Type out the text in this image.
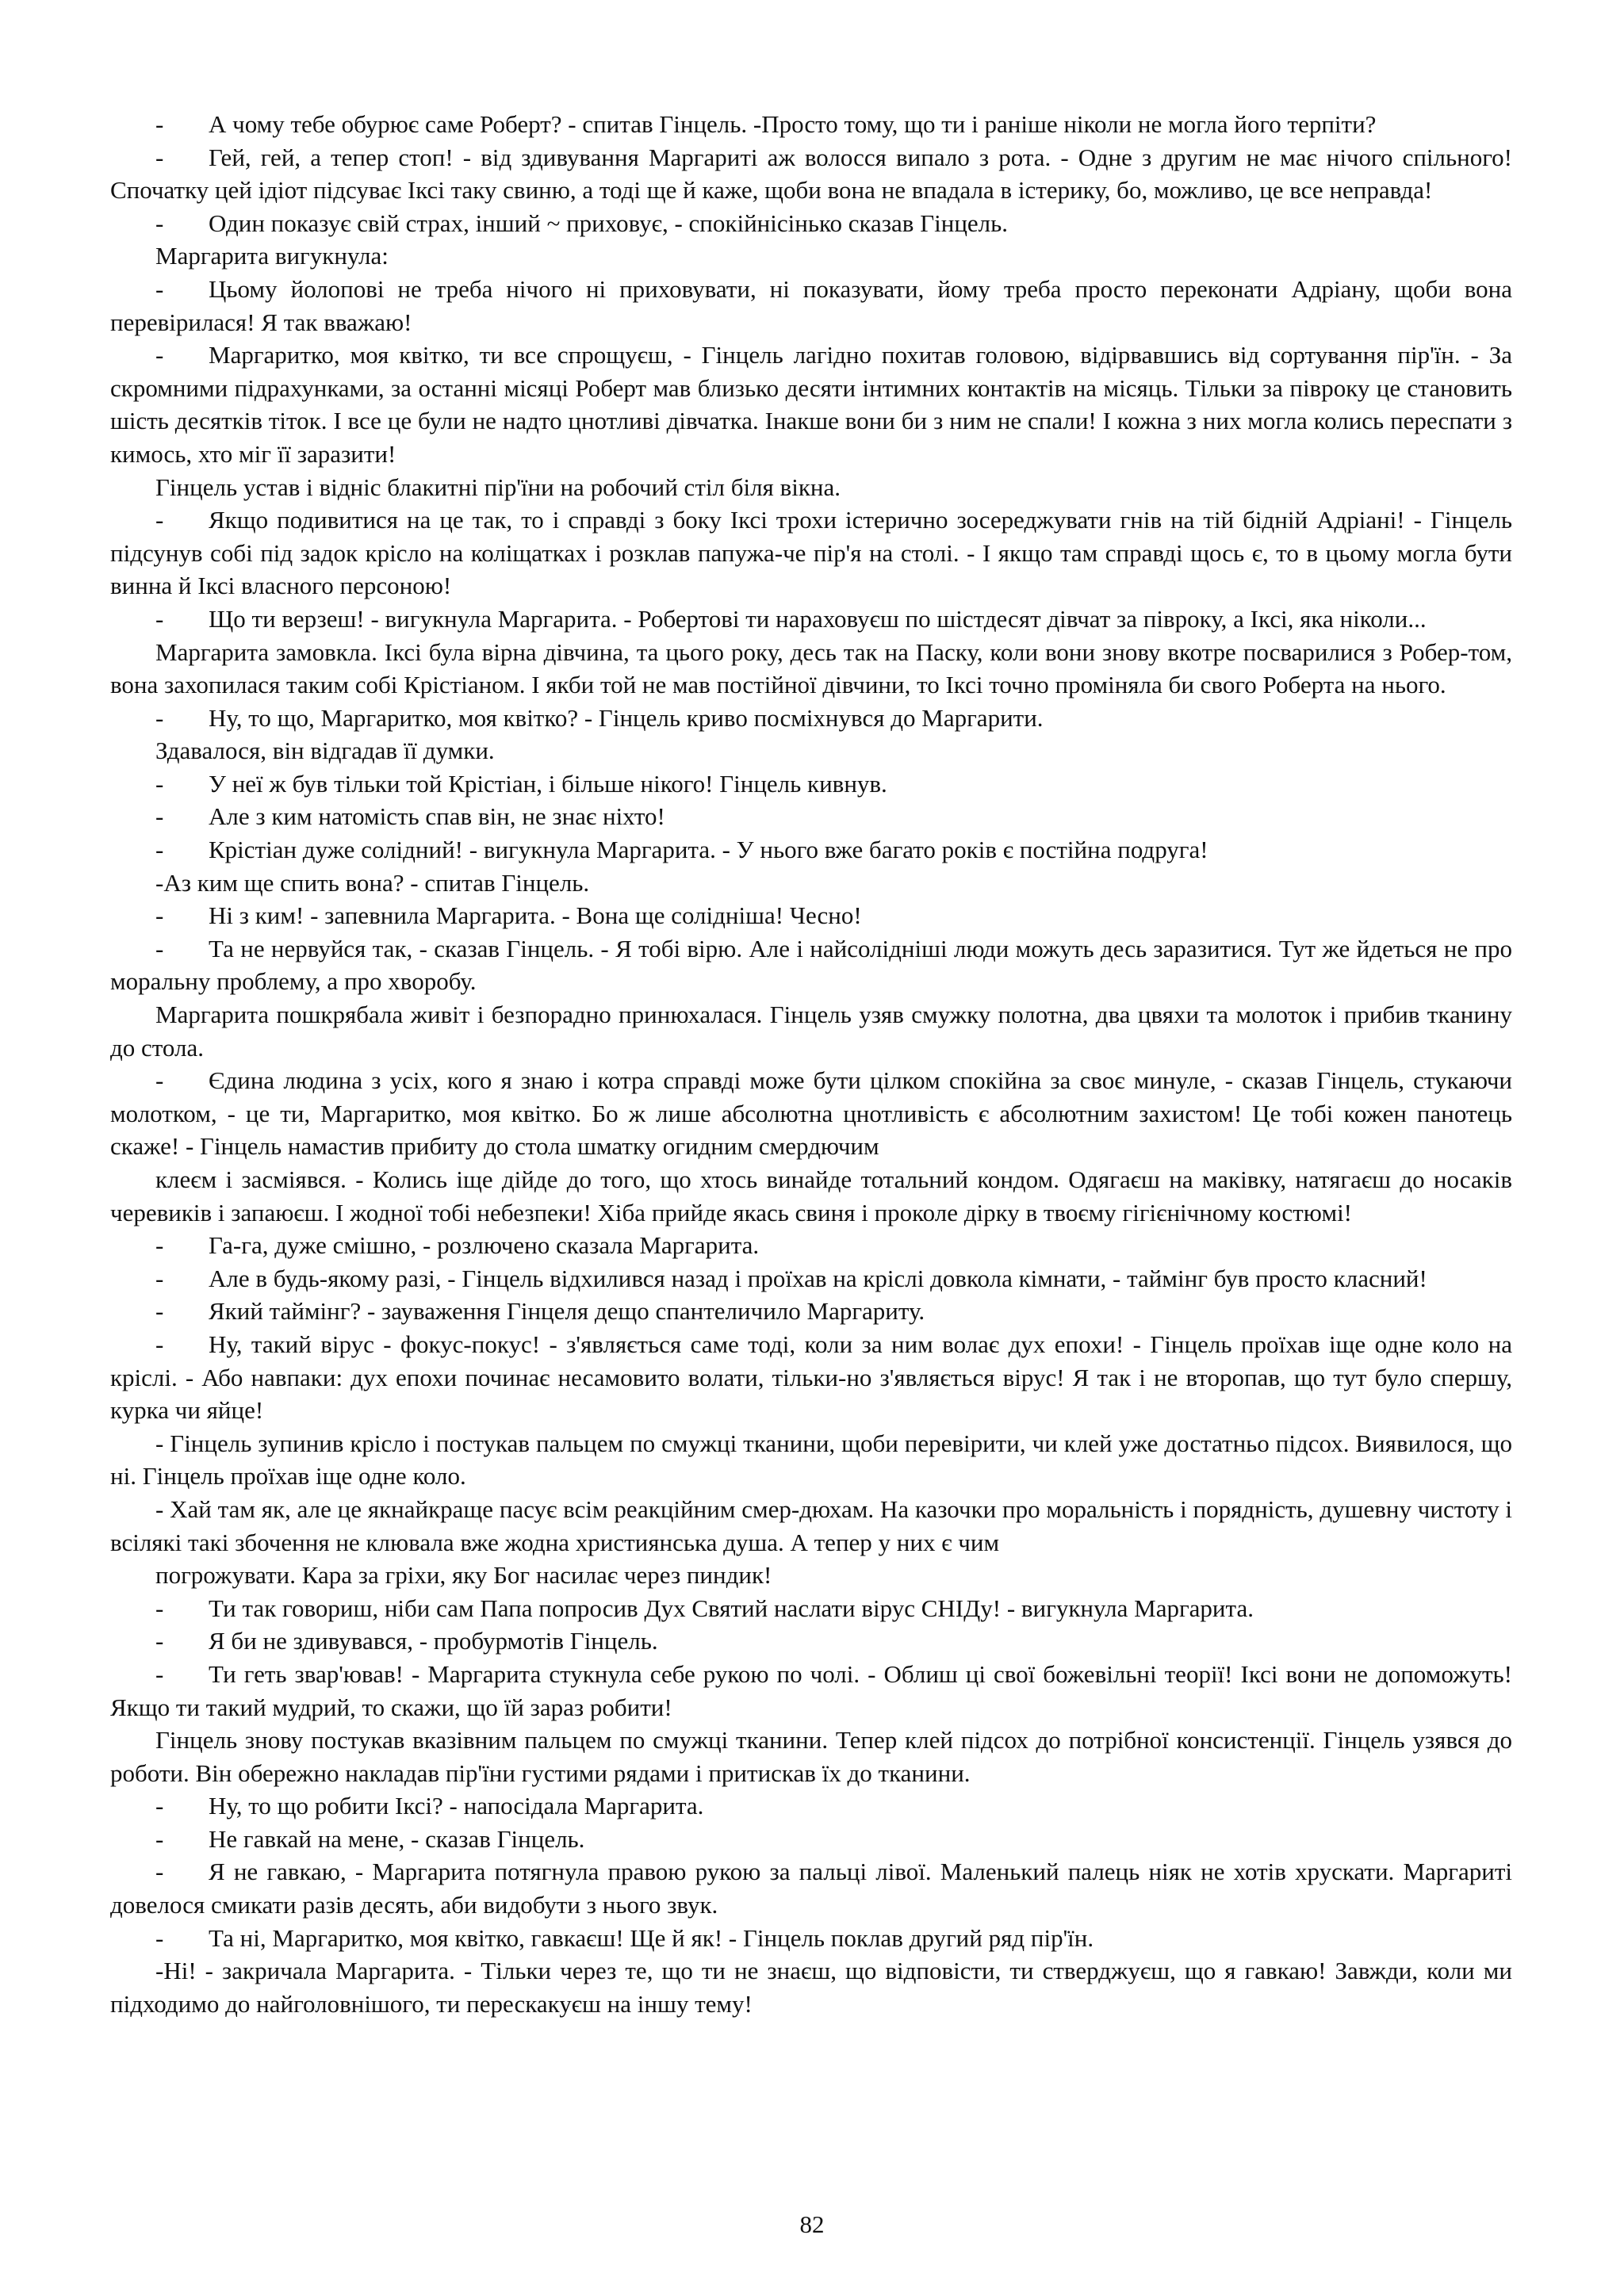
- А чому тебе обурює саме Роберт? - спитав Гінцель. -Просто тому, що ти і раніше ніколи не могла його терпіти?

- Гей, гей, а тепер стоп! - від здивування Маргариті аж волосся випало з рота. - Одне з другим не має нічого спільного! Спочатку цей ідіот підсуває Іксі таку свиню, а тоді ще й каже, щоби вона не впадала в істерику, бо, можливо, це все неправда!

- Один показує свій страх, інший ~ приховує, - спокійнісінько сказав Гінцель.

Маргарита вигукнула:

- Цьому йолопові не треба нічого ні приховувати, ні показувати, йому треба просто переконати Адріану, щоби вона перевірилася! Я так вважаю!

- Маргаритко, моя квітко, ти все спрощуєш, - Гінцель лагідно похитав головою, відірвавшись від сортування пір'їн. - За скромними підрахунками, за останні місяці Роберт мав близько десяти інтимних контактів на місяць. Тільки за півроку це становить шість десятків тіток. І все це були не надто цнотливі дівчатка. Інакше вони би з ним не спали! І кожна з них могла колись переспати з кимось, хто міг її заразити!

Гінцель устав і відніс блакитні пір'їни на робочий стіл біля вікна.

- Якщо подивитися на це так, то і справді з боку Іксі трохи істерично зосереджувати гнів на тій бідній Адріані! - Гінцель підсунув собі під задок крісло на коліщатках і розклав папужа-че пір'я на столі. - І якщо там справді щось є, то в цьому могла бути винна й Іксі власного персоною!

- Що ти верзеш! - вигукнула Маргарита. - Робертові ти нараховуєш по шістдесят дівчат за півроку, а Іксі, яка ніколи...

Маргарита замовкла. Іксі була вірна дівчина, та цього року, десь так на Паску, коли вони знову вкотре посварилися з Робер-том, вона захопилася таким собі Крістіаном. І якби той не мав постійної дівчини, то Іксі точно проміняла би свого Роберта на нього.

- Ну, то що, Маргаритко, моя квітко? - Гінцель криво посміхнувся до Маргарити.

Здавалося, він відгадав її думки.

- У неї ж був тільки той Крістіан, і більше нікого! Гінцель кивнув.

- Але з ким натомість спав він, не знає ніхто!

- Крістіан дуже солідний! - вигукнула Маргарита. - У нього вже багато років є постійна подруга!

-Аз ким ще спить вона? - спитав Гінцель.

- Ні з ким! - запевнила Маргарита. - Вона ще солідніша! Чесно!

- Та не нервуйся так, - сказав Гінцель. - Я тобі вірю. Але і найсолідніші люди можуть десь заразитися. Тут же йдеться не про моральну проблему, а про хворобу.

Маргарита пошкрябала живіт і безпорадно принюхалася. Гінцель узяв смужку полотна, два цвяхи та молоток і прибив тканину до стола.

- Єдина людина з усіх, кого я знаю і котра справді може бути цілком спокійна за своє минуле, - сказав Гінцель, стукаючи молотком, - це ти, Маргаритко, моя квітко. Бо ж лише абсолютна цнотливість є абсолютним захистом! Це тобі кожен панотець скаже! - Гінцель намастив прибиту до стола шматку огидним смердючим

клеєм і засміявся. - Колись іще дійде до того, що хтось винайде тотальний кондом. Одягаєш на маківку, натягаєш до носаків черевиків і запаюєш. І жодної тобі небезпеки! Хіба прийде якась свиня і проколе дірку в твоєму гігієнічному костюмі!

- Га-га, дуже смішно, - розлючено сказала Маргарита.

- Але в будь-якому разі, - Гінцель відхилився назад і проїхав на кріслі довкола кімнати, - таймінг був просто класний!

- Який таймінг? - зауваження Гінцеля дещо спантеличило Маргариту.

- Ну, такий вірус - фокус-покус! - з'являється саме тоді, коли за ним волає дух епохи! - Гінцель проїхав іще одне коло на кріслі. - Або навпаки: дух епохи починає несамовито волати, тільки-но з'являється вірус! Я так і не второпав, що тут було спершу, курка чи яйце!

- Гінцель зупинив крісло і постукав пальцем по смужці тканини, щоби перевірити, чи клей уже достатньо підсох. Виявилося, що ні. Гінцель проїхав іще одне коло.

- Хай там як, але це якнайкраще пасує всім реакційним смер-дюхам. На казочки про моральність і порядність, душевну чистоту і всілякі такі збочення не клювала вже жодна християнська душа. А тепер у них є чим

погрожувати. Кара за гріхи, яку Бог насилає через пиндик!

- Ти так говориш, ніби сам Папа попросив Дух Святий наслати вірус СНІДу! - вигукнула Маргарита.

- Я би не здивувався, - пробурмотів Гінцель.

- Ти геть звар'ював! - Маргарита стукнула себе рукою по чолі. - Облиш ці свої божевільні теорії! Іксі вони не допоможуть! Якщо ти такий мудрий, то скажи, що їй зараз робити!

Гінцель знову постукав вказівним пальцем по смужці тканини. Тепер клей підсох до потрібної консистенції. Гінцель узявся до роботи. Він обережно накладав пір'їни густими рядами і притискав їх до тканини.

- Ну, то що робити Іксі? - напосідала Маргарита.

- Не гавкай на мене, - сказав Гінцель.

- Я не гавкаю, - Маргарита потягнула правою рукою за пальці лівої. Маленький палець ніяк не хотів хрускати. Маргариті довелося смикати разів десять, аби видобути з нього звук.

- Та ні, Маргаритко, моя квітко, гавкаєш! Ще й як! - Гінцель поклав другий ряд пір'їн.

-Ні! - закричала Маргарита. - Тільки через те, що ти не знаєш, що відповісти, ти стверджуєш, що я гавкаю! Завжди, коли ми підходимо до найголовнішого, ти перескакуєш на іншу тему!

82
